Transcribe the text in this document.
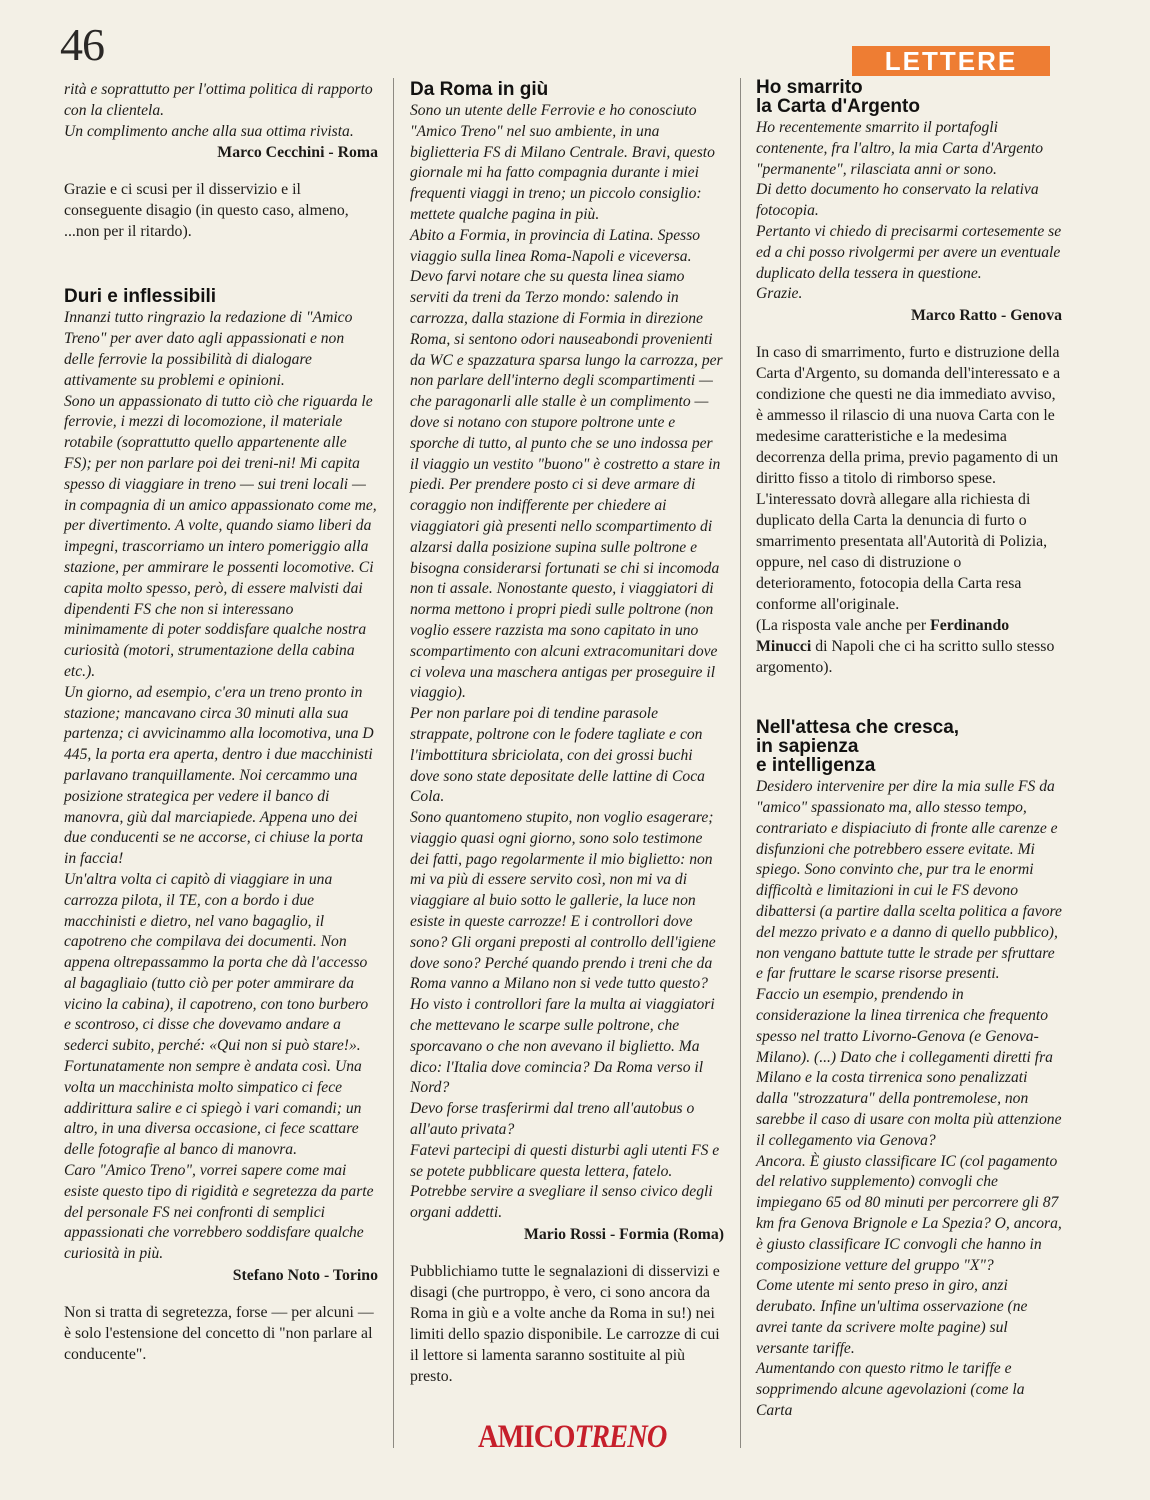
46	LETTERE

rità e soprattutto per l'ottima politica di rapporto con la clientela.

Un complimento anche alla sua ottima rivista.

Marco Cecchini - Roma

Grazie e ci scusi per il disservizio e il conseguente disagio (in questo caso, almeno, ...non per il ritardo).

Duri e inflessibili

Innanzi tutto ringrazio la redazione di "Amico Treno" per aver dato agli appassionati e non delle ferrovie la possibilità di dialogare attivamente su problemi e opinioni.

Sono un appassionato di tutto ciò che riguarda le ferrovie, i mezzi di locomozione, il materiale rotabile (soprattutto quello appartenente alle FS); per non parlare poi dei treni-ni! Mi capita spesso di viaggiare in treno — sui treni locali — in compagnia di un amico appassionato come me, per divertimento. A volte, quando siamo liberi da impegni, trascorriamo un intero pomeriggio alla stazione, per ammirare le possenti locomotive. Ci capita molto spesso, però, di essere malvisti dai dipendenti FS che non si interessano minimamente di poter soddisfare qualche nostra curiosità (motori, strumentazione della cabina etc.).

Un giorno, ad esempio, c'era un treno pronto in stazione; mancavano circa 30 minuti alla sua partenza; ci avvicinammo alla locomotiva, una D 445, la porta era aperta, dentro i due macchinisti parlavano tranquillamente. Noi cercammo una posizione strategica per vedere il banco di manovra, giù dal marciapiede. Appena uno dei due conducenti se ne accorse, ci chiuse la porta in faccia!

Un'altra volta ci capitò di viaggiare in una carrozza pilota, il TE, con a bordo i due macchinisti e dietro, nel vano bagaglio, il capotreno che compilava dei documenti. Non appena oltrepassammo la porta che dà l'accesso al bagagliaio (tutto ciò per poter ammirare da vicino la cabina), il capotreno, con tono burbero e scontroso, ci disse che dovevamo andare a sederci subito, perché: «Qui non si può stare!».

Fortunatamente non sempre è andata così. Una volta un macchinista molto simpatico ci fece addirittura salire e ci spiegò i vari comandi; un altro, in una diversa occasione, ci fece scattare delle fotografie al banco di manovra.

Caro "Amico Treno", vorrei sapere come mai esiste questo tipo di rigidità e segretezza da parte del personale FS nei confronti di semplici appassionati che vorrebbero soddisfare qualche curiosità in più.

Stefano Noto - Torino

Non si tratta di segretezza, forse — per alcuni — è solo l'estensione del concetto di "non parlare al conducente".

Da Roma in giù

Sono un utente delle Ferrovie e ho conosciuto "Amico Treno" nel suo ambiente, in una biglietteria FS di Milano Centrale. Bravi, questo giornale mi ha fatto compagnia durante i miei frequenti viaggi in treno; un piccolo consiglio: mettete qualche pagina in più.

Abito a Formia, in provincia di Latina. Spesso viaggio sulla linea Roma-Napoli e viceversa. Devo farvi notare che su questa linea siamo serviti da treni da Terzo mondo: salendo in carrozza, dalla stazione di Formia in direzione Roma, si sentono odori nauseabondi provenienti da WC e spazzatura sparsa lungo la carrozza, per non parlare dell'interno degli scompartimenti — che paragonarli alle stalle è un complimento — dove si notano con stupore poltrone unte e sporche di tutto, al punto che se uno indossa per il viaggio un vestito "buono" è costretto a stare in piedi. Per prendere posto ci si deve armare di coraggio non indifferente per chiedere ai viaggiatori già presenti nello scompartimento di alzarsi dalla posizione supina sulle poltrone e bisogna considerarsi fortunati se chi si incomoda non ti assale. Nonostante questo, i viaggiatori di norma mettono i propri piedi sulle poltrone (non voglio essere razzista ma sono capitato in uno scompartimento con alcuni extracomunitari dove ci voleva una maschera antigas per proseguire il viaggio).

Per non parlare poi di tendine parasole strappate, poltrone con le fodere tagliate e con l'imbottitura sbriciolata, con dei grossi buchi dove sono state depositate delle lattine di Coca Cola.

Sono quantomeno stupito, non voglio esagerare; viaggio quasi ogni giorno, sono solo testimone dei fatti, pago regolarmente il mio biglietto: non mi va più di essere servito così, non mi va di viaggiare al buio sotto le gallerie, la luce non esiste in queste carrozze! E i controllori dove sono? Gli organi preposti al controllo dell'igiene dove sono? Perché quando prendo i treni che da Roma vanno a Milano non si vede tutto questo? Ho visto i controllori fare la multa ai viaggiatori che mettevano le scarpe sulle poltrone, che sporcavano o che non avevano il biglietto. Ma dico: l'Italia dove comincia? Da Roma verso il Nord?

Devo forse trasferirmi dal treno all'autobus o all'auto privata?

Fatevi partecipi di questi disturbi agli utenti FS e se potete pubblicare questa lettera, fatelo. Potrebbe servire a svegliare il senso civico degli organi addetti.

Mario Rossi - Formia (Roma)

Pubblichiamo tutte le segnalazioni di disservizi e disagi (che purtroppo, è vero, ci sono ancora da Roma in giù e a volte anche da Roma in su!) nei limiti dello spazio disponibile. Le carrozze di cui il lettore si lamenta saranno sostituite al più presto.

Ho smarrito
la Carta d'Argento

Ho recentemente smarrito il portafogli contenente, fra l'altro, la mia Carta d'Argento "permanente", rilasciata anni or sono.

Di detto documento ho conservato la relativa fotocopia.

Pertanto vi chiedo di precisarmi cortesemente se ed a chi posso rivolgermi per avere un eventuale duplicato della tessera in questione.

Grazie.

Marco Ratto - Genova

In caso di smarrimento, furto e distruzione della Carta d'Argento, su domanda dell'interessato e a condizione che questi ne dia immediato avviso, è ammesso il rilascio di una nuova Carta con le medesime caratteristiche e la medesima decorrenza della prima, previo pagamento di un diritto fisso a titolo di rimborso spese.

L'interessato dovrà allegare alla richiesta di duplicato della Carta la denuncia di furto o smarrimento presentata all'Autorità di Polizia, oppure, nel caso di distruzione o deterioramento, fotocopia della Carta resa conforme all'originale.

(La risposta vale anche per Ferdinando Minucci di Napoli che ci ha scritto sullo stesso argomento).

Nell'attesa che cresca,
in sapienza
e intelligenza

Desidero intervenire per dire la mia sulle FS da "amico" spassionato ma, allo stesso tempo, contrariato e dispiaciuto di fronte alle carenze e disfunzioni che potrebbero essere evitate. Mi spiego. Sono convinto che, pur tra le enormi difficoltà e limitazioni in cui le FS devono dibattersi (a partire dalla scelta politica a favore del mezzo privato e a danno di quello pubblico), non vengano battute tutte le strade per sfruttare e far fruttare le scarse risorse presenti.

Faccio un esempio, prendendo in considerazione la linea tirrenica che frequento spesso nel tratto Livorno-Genova (e Genova-Milano). (...) Dato che i collegamenti diretti fra Milano e la costa tirrenica sono penalizzati dalla "strozzatura" della pontremolese, non sarebbe il caso di usare con molta più attenzione il collegamento via Genova?

Ancora. È giusto classificare IC (col pagamento del relativo supplemento) convogli che impiegano 65 od 80 minuti per percorrere gli 87 km fra Genova Brignole e La Spezia? O, ancora, è giusto classificare IC convogli che hanno in composizione vetture del gruppo "X"?

Come utente mi sento preso in giro, anzi derubato. Infine un'ultima osservazione (ne avrei tante da scrivere molte pagine) sul versante tariffe.

Aumentando con questo ritmo le tariffe e sopprimendo alcune agevolazioni (come la Carta

AMICOTRENO
